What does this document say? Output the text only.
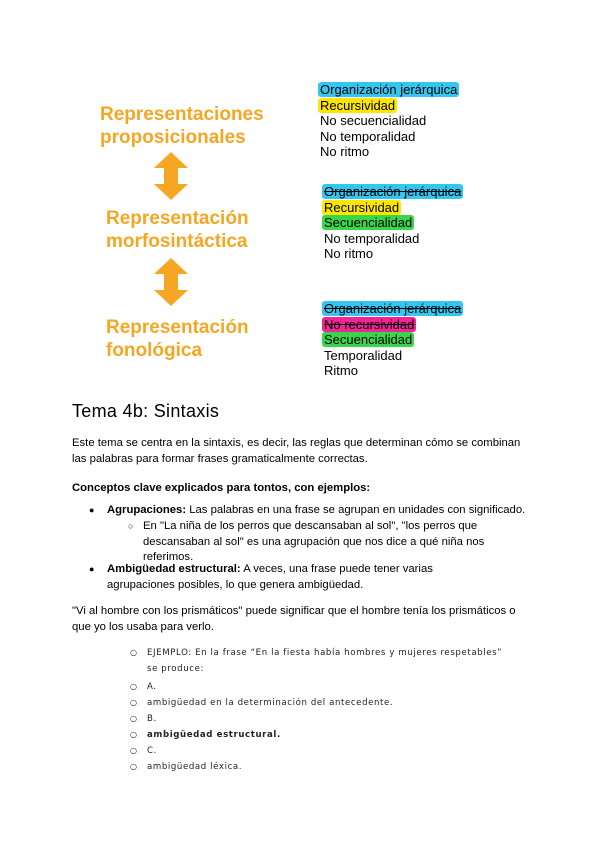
Representaciones
proposicionales
Representación
morfosintáctica
Representación
fonológica
Organización jerárquica
Recursividad
No secuencialidad
No temporalidad
No ritmo
Organización jerárquica
Recursividad
Secuencialidad
No temporalidad
No ritmo
Organización jerárquica
No recursividad
Secuencialidad
Temporalidad
Ritmo
Tema 4b: Sintaxis
Este tema se centra en la sintaxis, es decir, las reglas que determinan cómo se combinan las palabras para formar frases gramaticalmente correctas.
Conceptos clave explicados para tontos, con ejemplos:
● Agrupaciones: Las palabras en una frase se agrupan en unidades con significado.
○ En "La niña de los perros que descansaban al sol", "los perros que descansaban al sol" es una agrupación que nos dice a qué niña nos referimos.
● Ambigüedad estructural: A veces, una frase puede tener varias agrupaciones posibles, lo que genera ambigüedad.
"Vi al hombre con los prismáticos" puede significar que el hombre tenía los prismáticos o que yo los usaba para verlo.
○ EJEMPLO: En la frase “En la fiesta había hombres y mujeres respetables” se produce:
○ A.
○ ambigüedad en la determinación del antecedente.
○ B.
○ ambigüedad estructural.
○ C.
○ ambigüedad léxica.
